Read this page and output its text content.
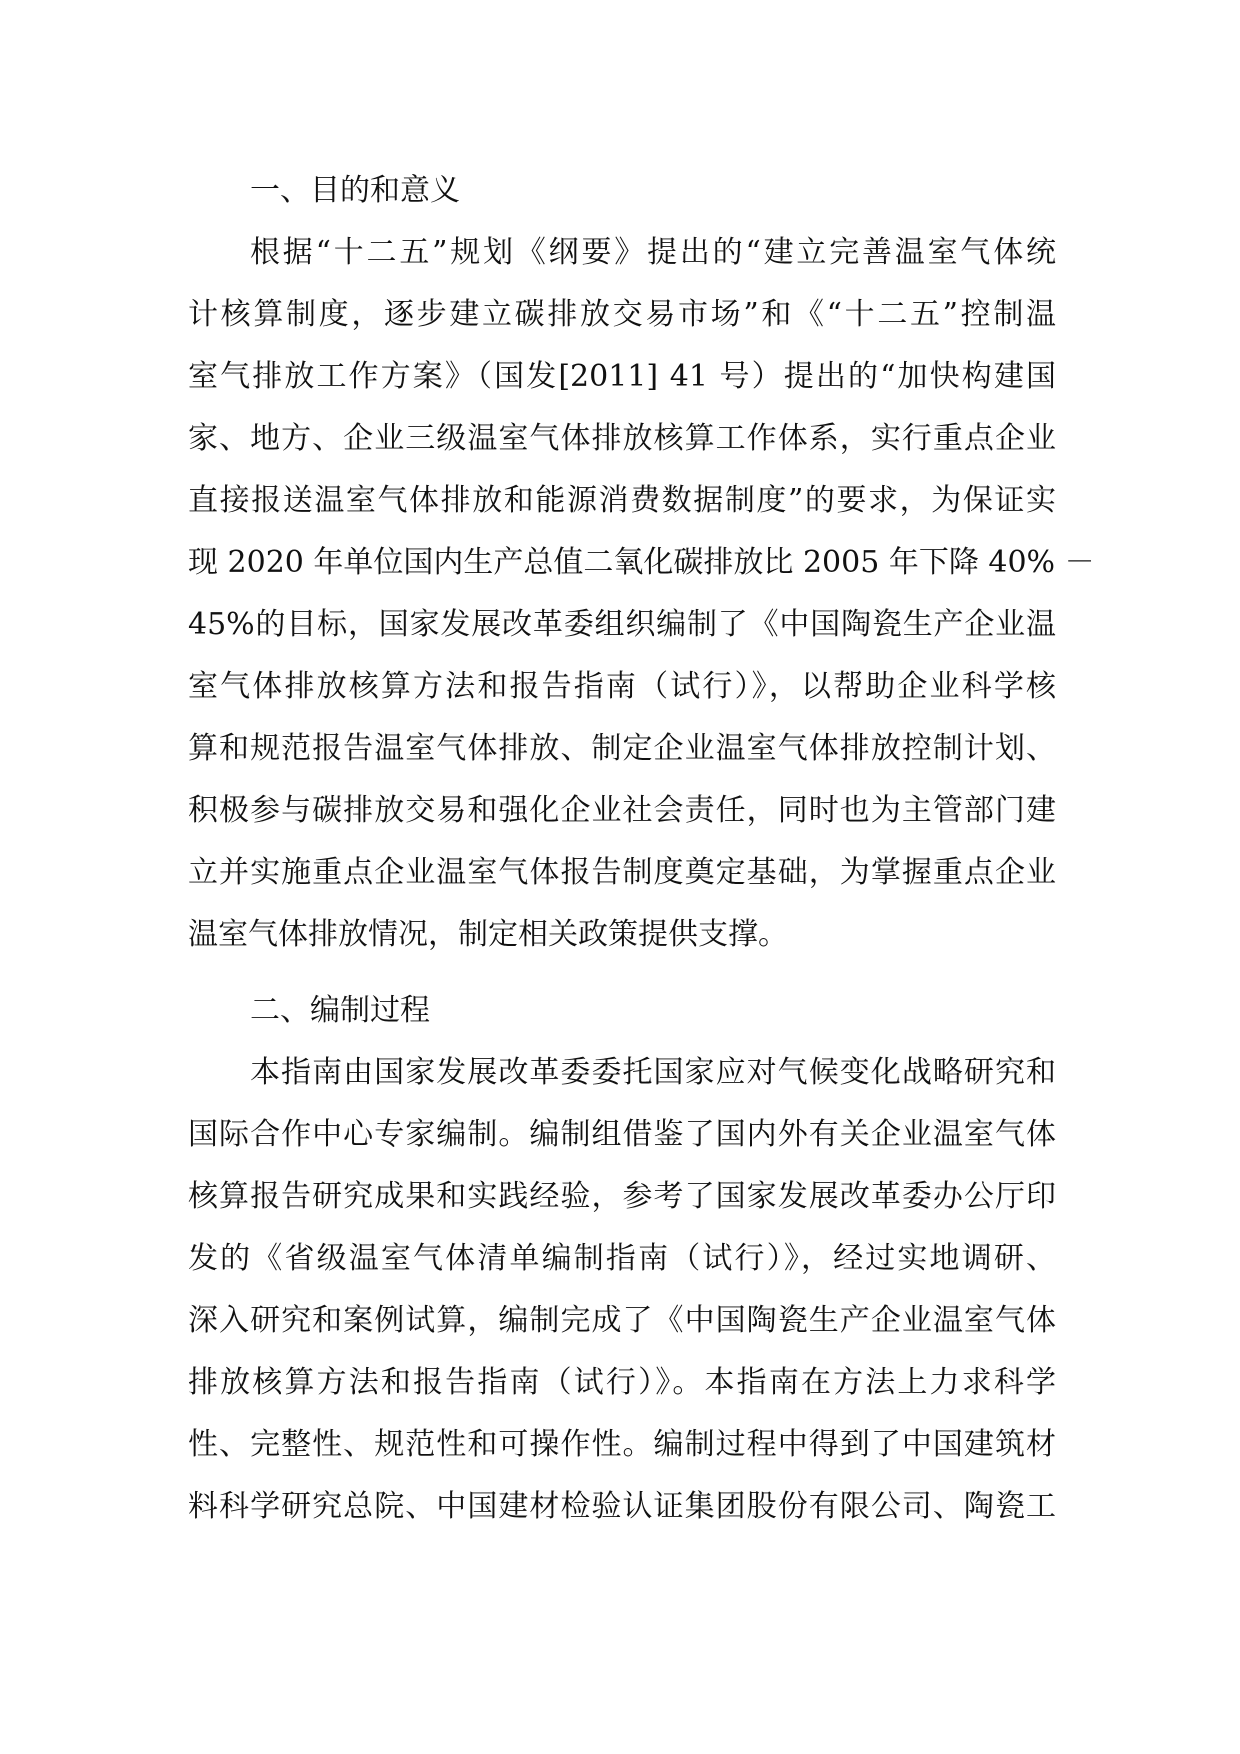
一、目的和意义
根据“十二五”规划《纲要》提出的“建立完善温室气体统
计核算制度，逐步建立碳排放交易市场”和《“十二五”控制温
室气排放工作方案》（国发[2011] 41 号）提出的“加快构建国
家、地方、企业三级温室气体排放核算工作体系，实行重点企业
直接报送温室气体排放和能源消费数据制度”的要求，为保证实
现 2020 年单位国内生产总值二氧化碳排放比 2005 年下降 40% －
45%的目标，国家发展改革委组织编制了《中国陶瓷生产企业温
室气体排放核算方法和报告指南（试行）》，以帮助企业科学核
算和规范报告温室气体排放、制定企业温室气体排放控制计划、
积极参与碳排放交易和强化企业社会责任，同时也为主管部门建
立并实施重点企业温室气体报告制度奠定基础，为掌握重点企业
温室气体排放情况，制定相关政策提供支撑。
二、编制过程
本指南由国家发展改革委委托国家应对气候变化战略研究和
国际合作中心专家编制。编制组借鉴了国内外有关企业温室气体
核算报告研究成果和实践经验，参考了国家发展改革委办公厅印
发的《省级温室气体清单编制指南（试行）》，经过实地调研、
深入研究和案例试算，编制完成了《中国陶瓷生产企业温室气体
排放核算方法和报告指南（试行）》。本指南在方法上力求科学
性、完整性、规范性和可操作性。编制过程中得到了中国建筑材
料科学研究总院、中国建材检验认证集团股份有限公司、陶瓷工
